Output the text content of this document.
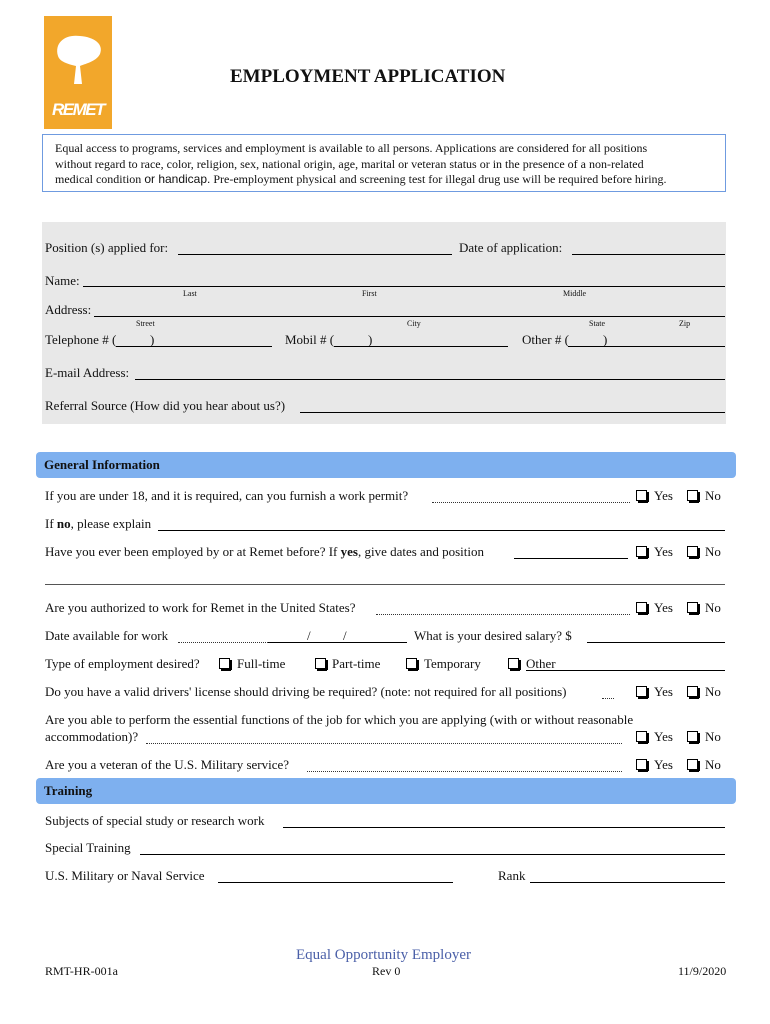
REMET
EMPLOYMENT APPLICATION
Equal access to programs, services and employment is available to all persons. Applications are considered for all positions
without regard to race, color, religion, sex, national origin, age, marital or veteran status or in the presence of a non-related
medical condition or handicap. Pre-employment physical and screening test for illegal drug use will be required before hiring.
Position (s) applied for:	Date of application:
Name:
Last	First	Middle
Address:
Street	City	State	Zip
Telephone # (	)	Mobil # (	)	Other # (	)
E-mail Address:
Referral Source (How did you hear about us?)
General Information
If you are under 18, and it is required, can you furnish a work permit?	Yes No
If no, please explain
Have you ever been employed by or at Remet before? If yes, give dates and position	Yes No
Are you authorized to work for Remet in the United States?	Yes No
Date available for work	/ /	What is your desired salary? $
Type of employment desired?	Full-time	Part-time	Temporary	Other
Do you have a valid drivers' license should driving be required? (note: not required for all positions)	Yes No
Are you able to perform the essential functions of the job for which you are applying (with or without reasonable
accommodation)?	Yes No
Are you a veteran of the U.S. Military service?	Yes No
Training
Subjects of special study or research work
Special Training
U.S. Military or Naval Service	Rank
Equal Opportunity Employer
RMT-HR-001a	Rev 0	11/9/2020
